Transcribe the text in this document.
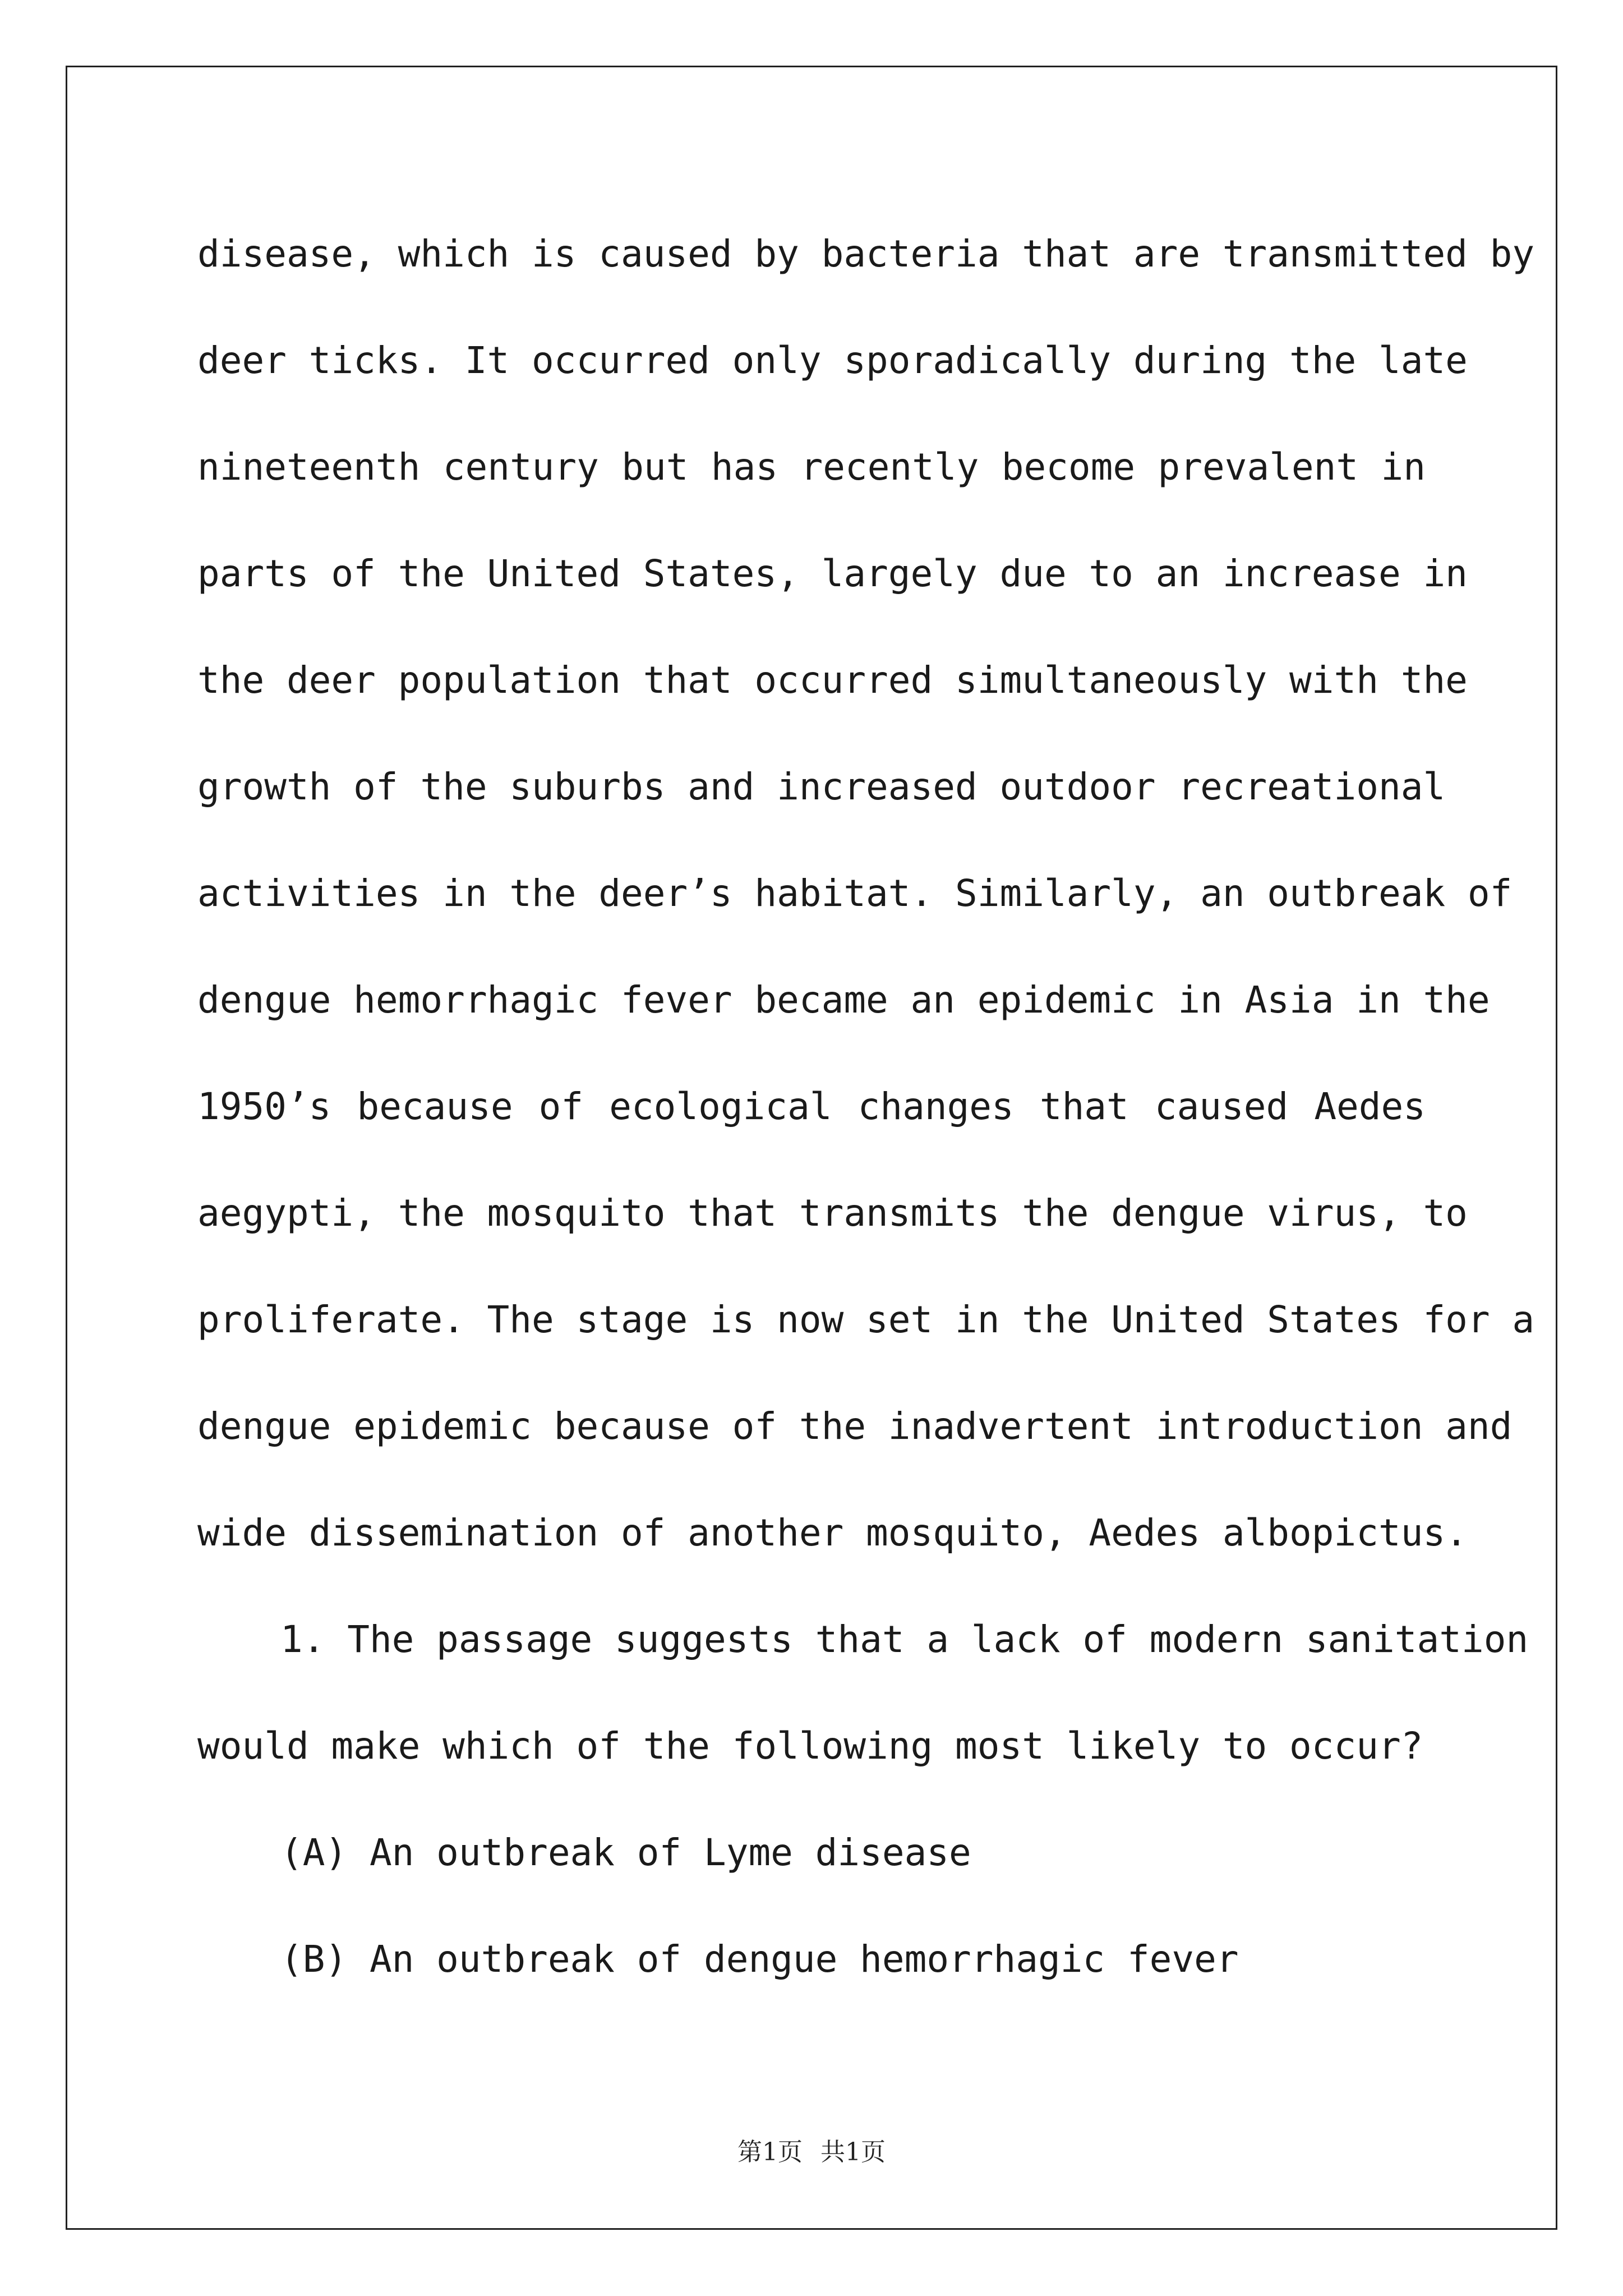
disease, which is caused by bacteria that are transmitted by
deer ticks. It occurred only sporadically during the late
nineteenth century but has recently become prevalent in
parts of the United States, largely due to an increase in
the deer population that occurred simultaneously with the
growth of the suburbs and increased outdoor recreational
activities in the deer’s habitat. Similarly, an outbreak of
dengue hemorrhagic fever became an epidemic in Asia in the
1950’s because of ecological changes that caused Aedes
aegypti, the mosquito that transmits the dengue virus, to
proliferate. The stage is now set in the United States for a
dengue epidemic because of the inadvertent introduction and
wide dissemination of another mosquito, Aedes albopictus.
1. The passage suggests that a lack of modern sanitation
would make which of the following most likely to occur?
(A) An outbreak of Lyme disease
(B) An outbreak of dengue hemorrhagic fever
第1页 共1页
